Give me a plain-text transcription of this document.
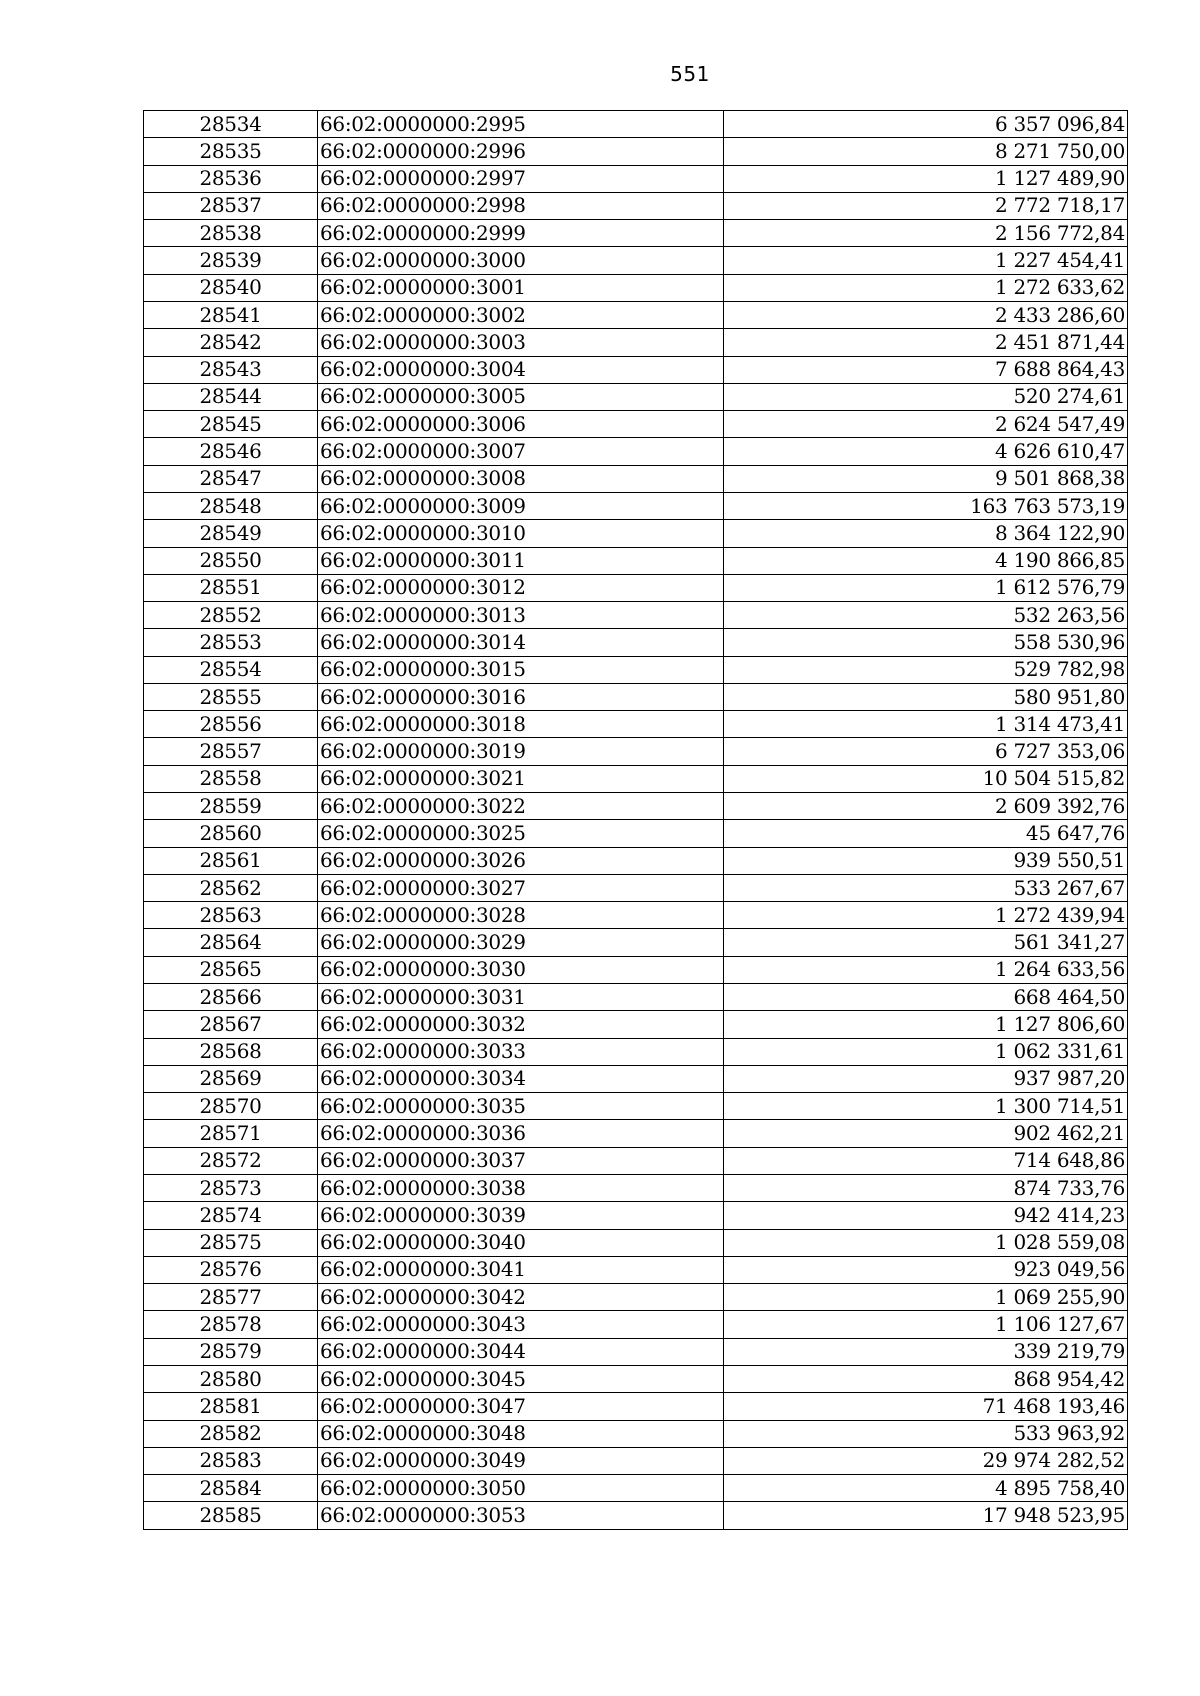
551
28534	66:02:0000000:2995	6 357 096,84
28535	66:02:0000000:2996	8 271 750,00
28536	66:02:0000000:2997	1 127 489,90
28537	66:02:0000000:2998	2 772 718,17
28538	66:02:0000000:2999	2 156 772,84
28539	66:02:0000000:3000	1 227 454,41
28540	66:02:0000000:3001	1 272 633,62
28541	66:02:0000000:3002	2 433 286,60
28542	66:02:0000000:3003	2 451 871,44
28543	66:02:0000000:3004	7 688 864,43
28544	66:02:0000000:3005	520 274,61
28545	66:02:0000000:3006	2 624 547,49
28546	66:02:0000000:3007	4 626 610,47
28547	66:02:0000000:3008	9 501 868,38
28548	66:02:0000000:3009	163 763 573,19
28549	66:02:0000000:3010	8 364 122,90
28550	66:02:0000000:3011	4 190 866,85
28551	66:02:0000000:3012	1 612 576,79
28552	66:02:0000000:3013	532 263,56
28553	66:02:0000000:3014	558 530,96
28554	66:02:0000000:3015	529 782,98
28555	66:02:0000000:3016	580 951,80
28556	66:02:0000000:3018	1 314 473,41
28557	66:02:0000000:3019	6 727 353,06
28558	66:02:0000000:3021	10 504 515,82
28559	66:02:0000000:3022	2 609 392,76
28560	66:02:0000000:3025	45 647,76
28561	66:02:0000000:3026	939 550,51
28562	66:02:0000000:3027	533 267,67
28563	66:02:0000000:3028	1 272 439,94
28564	66:02:0000000:3029	561 341,27
28565	66:02:0000000:3030	1 264 633,56
28566	66:02:0000000:3031	668 464,50
28567	66:02:0000000:3032	1 127 806,60
28568	66:02:0000000:3033	1 062 331,61
28569	66:02:0000000:3034	937 987,20
28570	66:02:0000000:3035	1 300 714,51
28571	66:02:0000000:3036	902 462,21
28572	66:02:0000000:3037	714 648,86
28573	66:02:0000000:3038	874 733,76
28574	66:02:0000000:3039	942 414,23
28575	66:02:0000000:3040	1 028 559,08
28576	66:02:0000000:3041	923 049,56
28577	66:02:0000000:3042	1 069 255,90
28578	66:02:0000000:3043	1 106 127,67
28579	66:02:0000000:3044	339 219,79
28580	66:02:0000000:3045	868 954,42
28581	66:02:0000000:3047	71 468 193,46
28582	66:02:0000000:3048	533 963,92
28583	66:02:0000000:3049	29 974 282,52
28584	66:02:0000000:3050	4 895 758,40
28585	66:02:0000000:3053	17 948 523,95
